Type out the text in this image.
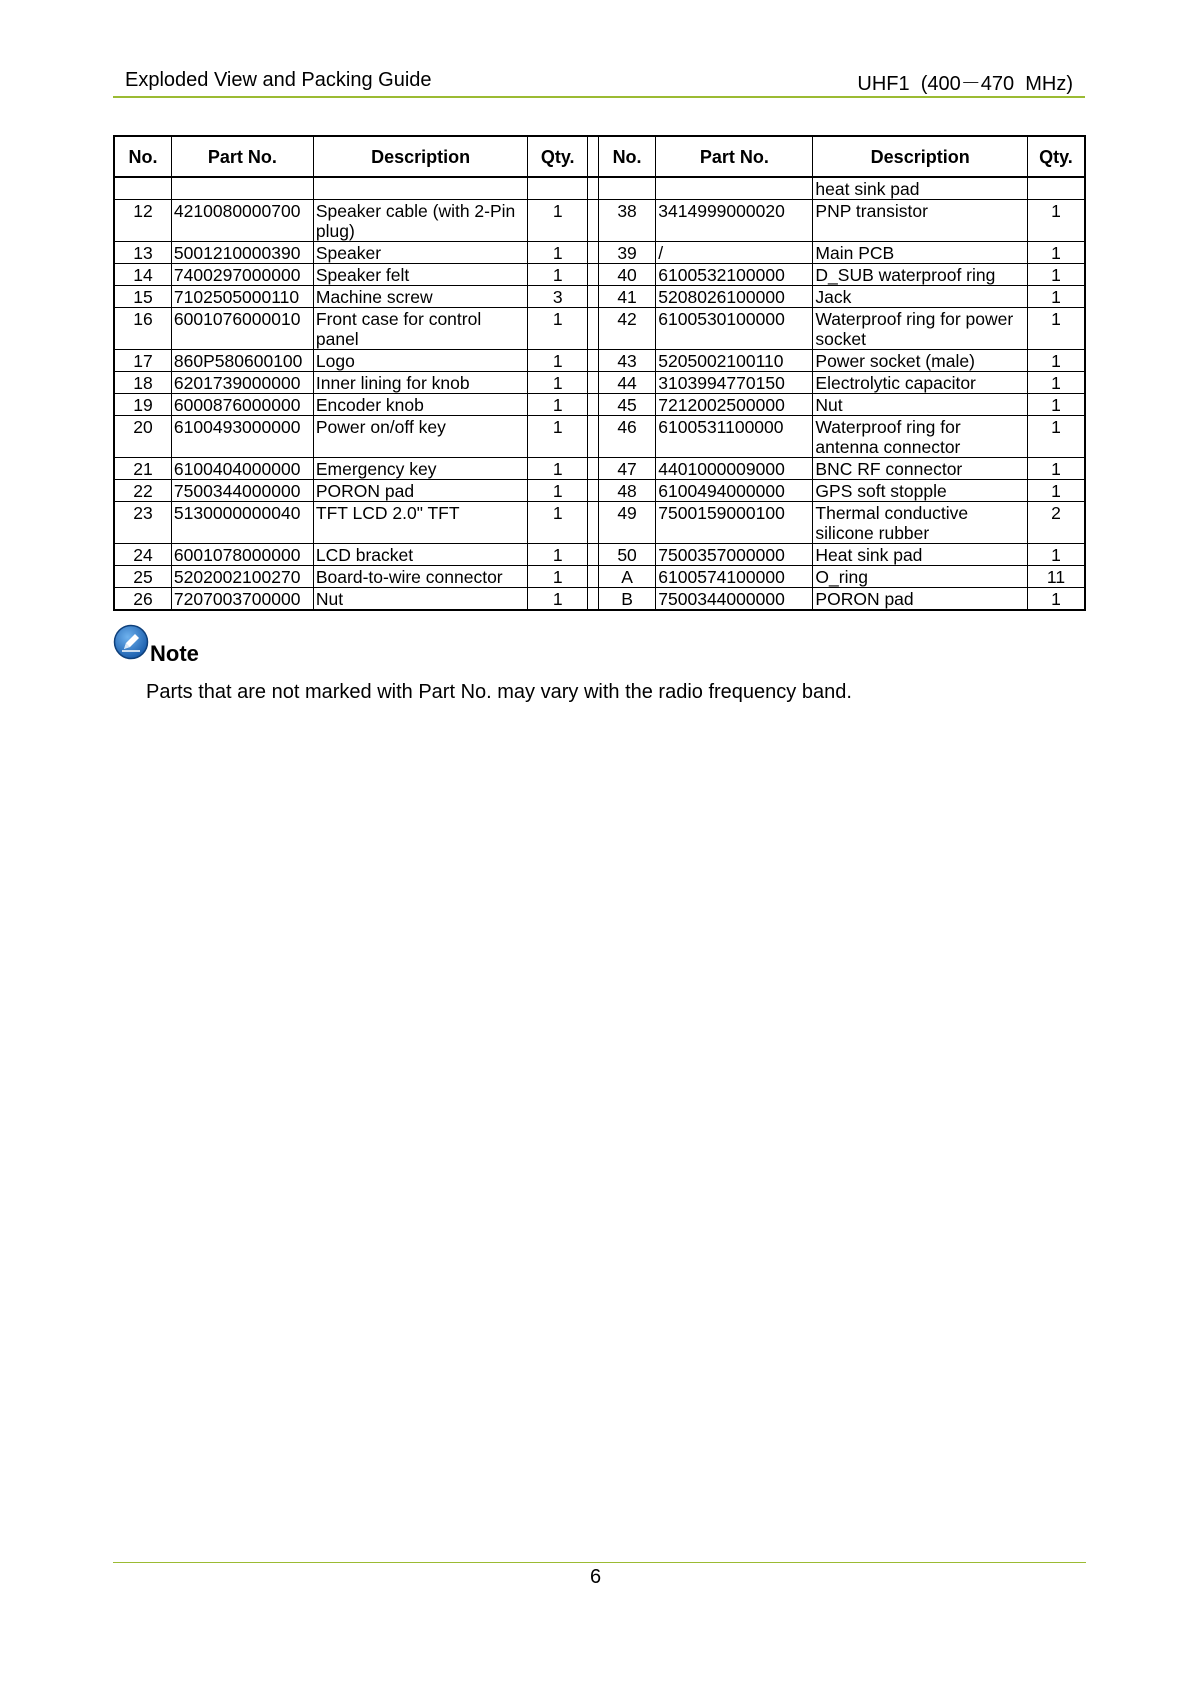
Exploded View and Packing Guide	UHF1  (400－470  MHz)
No.	Part No.	Description	Qty.		No.	Part No.	Description	Qty.
							heat sink pad	
12	4210080000700	Speaker cable (with 2-Pin plug)	1		38	3414999000020	PNP transistor	1
13	5001210000390	Speaker	1		39	/	Main PCB	1
14	7400297000000	Speaker felt	1		40	6100532100000	D_SUB waterproof ring	1
15	7102505000110	Machine screw	3		41	5208026100000	Jack	1
16	6001076000010	Front case for control panel	1		42	6100530100000	Waterproof ring for power socket	1
17	860P580600100	Logo	1		43	5205002100110	Power socket (male)	1
18	6201739000000	Inner lining for knob	1		44	3103994770150	Electrolytic capacitor	1
19	6000876000000	Encoder knob	1		45	7212002500000	Nut	1
20	6100493000000	Power on/off key	1		46	6100531100000	Waterproof ring for antenna connector	1
21	6100404000000	Emergency key	1		47	4401000009000	BNC RF connector	1
22	7500344000000	PORON pad	1		48	6100494000000	GPS soft stopple	1
23	5130000000040	TFT LCD 2.0" TFT	1		49	7500159000100	Thermal conductive silicone rubber	2
24	6001078000000	LCD bracket	1		50	7500357000000	Heat sink pad	1
25	5202002100270	Board-to-wire connector	1		A	6100574100000	O_ring	11
26	7207003700000	Nut	1		B	7500344000000	PORON pad	1
Note
Parts that are not marked with Part No. may vary with the radio frequency band.
6
